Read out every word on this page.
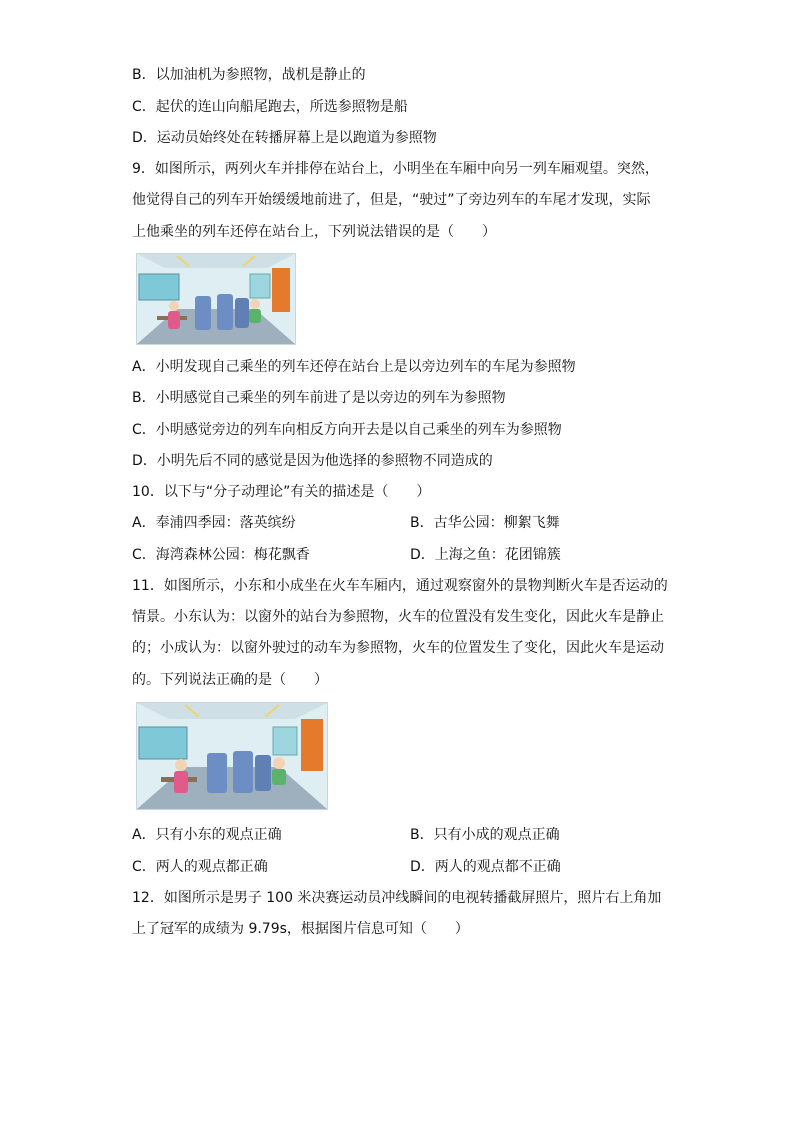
B．以加油机为参照物，战机是静止的
C．起伏的连山向船尾跑去，所选参照物是船
D．运动员始终处在转播屏幕上是以跑道为参照物
9．如图所示，两列火车并排停在站台上，小明坐在车厢中向另一列车厢观望。突然，
他觉得自己的列车开始缓缓地前进了，但是，“驶过”了旁边列车的车尾才发现，实际
上他乘坐的列车还停在站台上，下列说法错误的是（　　）
A．小明发现自己乘坐的列车还停在站台上是以旁边列车的车尾为参照物
B．小明感觉自己乘坐的列车前进了是以旁边的列车为参照物
C．小明感觉旁边的列车向相反方向开去是以自己乘坐的列车为参照物
D．小明先后不同的感觉是因为他选择的参照物不同造成的
10．以下与“分子动理论”有关的描述是（　　）
A．奉浦四季园：落英缤纷	B．古华公园：柳絮飞舞
C．海湾森林公园：梅花飘香	D．上海之鱼：花团锦簇
11．如图所示，小东和小成坐在火车车厢内，通过观察窗外的景物判断火车是否运动的
情景。小东认为：以窗外的站台为参照物，火车的位置没有发生变化，因此火车是静止
的；小成认为：以窗外驶过的动车为参照物，火车的位置发生了变化，因此火车是运动
的。下列说法正确的是（　　）
A．只有小东的观点正确	B．只有小成的观点正确
C．两人的观点都正确	D．两人的观点都不正确
12．如图所示是男子 100 米决赛运动员冲线瞬间的电视转播截屏照片，照片右上角加
上了冠军的成绩为 9.79s，根据图片信息可知（　　）
